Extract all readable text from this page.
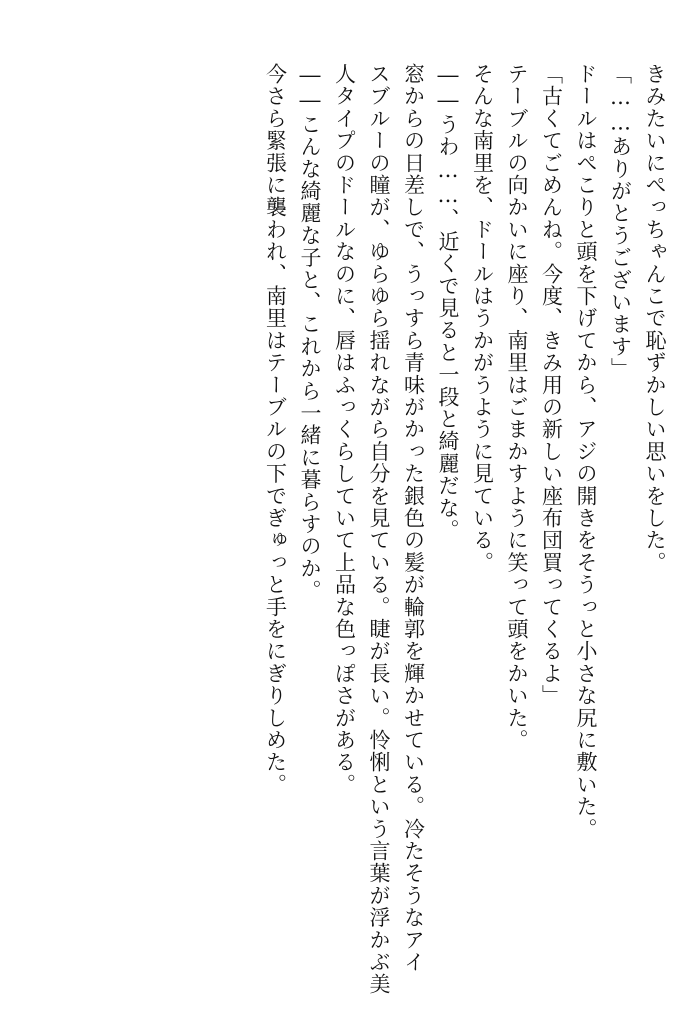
きみたいにぺっちゃんこで恥ずかしい思いをした。
「……ありがとうございます」
ドールはぺこりと頭を下げてから、アジの開きをそうっと小さな尻に敷いた。
「古くてごめんね。今度、きみ用の新しい座布団買ってくるよ」
テーブルの向かいに座り、南里はごまかすように笑って頭をかいた。
そんな南里を、ドールはうかがうように見ている。
――うわ……、近くで見ると一段と綺麗だな。
窓からの日差しで、うっすら青味がかった銀色の髪が輪郭を輝かせている。冷たそうなアイ
スブルーの瞳が、ゆらゆら揺れながら自分を見ている。睫が長い。怜悧という言葉が浮かぶ美
人タイプのドールなのに、唇はふっくらしていて上品な色っぽさがある。
――こんな綺麗な子と、これから一緒に暮らすのか。
今さら緊張に襲われ、南里はテーブルの下でぎゅっと手をにぎりしめた。
